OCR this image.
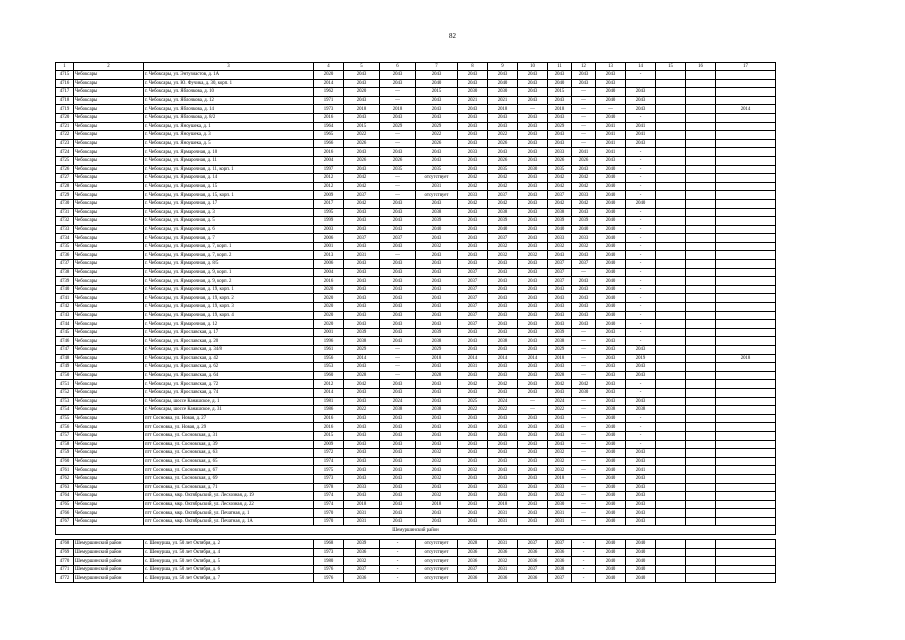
82
1	2	3	4	5	6	7	8	9	10	11	12	13	14	15	16	17
4715	Чебоксары	г. Чебоксары, ул. Энтузиастов, д. 1А	2020	2043	2043	2043	2043	2043	2043	2043	2043	2043	-			
4716	Чебоксары	г. Чебоксары, ул. Ю. Фучика, д. 30, корп. 1	2014	2043	2043	2040	2043	2040	2043	2040	2043	2043				
4717	Чебоксары	г. Чебоксары, ул. Яблочкова, д. 10	1962	2020	—	2015	2030	2030	2043	2015	—	2040	2043			
4718	Чебоксары	г. Чебоксары, ул. Яблочкова, д. 12	1971	2043	—	2043	2021	2021	2043	2043	—	2040	2043			
4719	Чебоксары	г. Чебоксары, ул. Яблочкова, д. 14	1973	2018	2018	2043	2043	2018	—	2018	—	—	2043			2014
4720	Чебоксары	г. Чебоксары, ул. Яблочкова, д. 8/2	2016	2043	2043	2043	2043	2043	2043	2043	—	2040	-			
4721	Чебоксары	г. Чебоксары, ул. Яноушека, д. 1	1964	2015	2029	2029	2043	2043	2043	2029	—	2041	2041			
4722	Чебоксары	г. Чебоксары, ул. Яноушека, д. 3	1965	2022	—	2022	2043	2022	2043	2043	—	2041	2041			
4723	Чебоксары	г. Чебоксары, ул. Яноушека, д. 5	1966	2026	—	2026	2043	2026	2043	2043	—	2041	2043			
4724	Чебоксары	г. Чебоксары, ул. Ярмарочная, д. 10	2016	2043	2043	2043	2033	2043	2043	2033	2041	2041	-			
4725	Чебоксары	г. Чебоксары, ул. Ярмарочная, д. 11	2004	2026	2026	2043	2043	2026	2043	2026	2026	2043	-			
4726	Чебоксары	г. Чебоксары, ул. Ярмарочная, д. 11, корп. 1	1997	2043	2035	2035	2043	2035	2030	2035	2043	2040	-			
4727	Чебоксары	г. Чебоксары, ул. Ярмарочная, д. 14	2012	2042	—	отсутствует	2042	2042	2043	2042	2042	2040	-			
4728	Чебоксары	г. Чебоксары, ул. Ярмарочная, д. 15	2012	2042	—	2031	2042	2042	2043	2042	2042	2040	-			
4729	Чебоксары	г. Чебоксары, ул. Ярмарочная, д. 15, корп. 1	2009	2037	—	отсутствует	2033	2037	2043	2037	2033	2040	-			
4730	Чебоксары	г. Чебоксары, ул. Ярмарочная, д. 17	2017	2042	2043	2043	2042	2042	2043	2042	2042	2040	2040			
4731	Чебоксары	г. Чебоксары, ул. Ярмарочная, д. 3	1995	2043	2043	2038	2043	2038	2043	2038	2043	2040	-			
4732	Чебоксары	г. Чебоксары, ул. Ярмарочная, д. 5	1999	2043	2043	2039	2043	2039	2043	2039	2039	2040	-			
4733	Чебоксары	г. Чебоксары, ул. Ярмарочная, д. 6	2003	2043	2043	2040	2043	2040	2043	2040	2040	2040	-			
4734	Чебоксары	г. Чебоксары, ул. Ярмарочная, д. 7	2006	2037	2037	2043	2043	2037	2043	2033	2033	2040	-			
4735	Чебоксары	г. Чебоксары, ул. Ярмарочная, д. 7, корп. 1	2001	2043	2043	2032	2043	2032	2043	2032	2032	2040	-			
4736	Чебоксары	г. Чебоксары, ул. Ярмарочная, д. 7, корп. 2	2013	2031	—	2043	2043	2032	2032	2043	2043	2040	-			
4737	Чебоксары	г. Чебоксары, ул. Ярмарочная, д. 8/5	2006	2043	2043	2043	2043	2043	2043	2037	2037	2040	-			
4738	Чебоксары	г. Чебоксары, ул. Ярмарочная, д. 9, корп. 1	2004	2043	2043	2043	2037	2043	2043	2037	—	2040	-			
4739	Чебоксары	г. Чебоксары, ул. Ярмарочная, д. 9, корп. 2	2016	2043	2043	2043	2037	2043	2043	2037	2043	2040	-			
4740	Чебоксары	г. Чебоксары, ул. Ярмарочная, д. 19, корп. 1	2020	2043	2043	2043	2037	2043	2043	2043	2043	2040	-			
4741	Чебоксары	г. Чебоксары, ул. Ярмарочная, д. 19, корп. 2	2020	2043	2043	2043	2037	2043	2043	2043	2043	2040	-			
4742	Чебоксары	г. Чебоксары, ул. Ярмарочная, д. 19, корп. 3	2020	2043	2043	2043	2037	2043	2043	2043	2043	2040	-			
4743	Чебоксары	г. Чебоксары, ул. Ярмарочная, д. 19, корп. 4	2020	2043	2043	2043	2037	2043	2043	2043	2043	2040	-			
4744	Чебоксары	г. Чебоксары, ул. Ярмарочная, д. 12	2020	2043	2043	2043	2037	2043	2043	2043	2043	2040	-			
4745	Чебоксары	г. Чебоксары, ул. Ярославская, д. 17	2001	2039	2043	2039	2043	2043	2043	2039	—	2043	-			
4746	Чебоксары	г. Чебоксары, ул. Ярославская, д. 20	1996	2038	2043	2038	2043	2038	2043	2038	—	2043	-			
4747	Чебоксары	г. Чебоксары, ул. Ярославская, д. 34/8	1961	2029	—	2029	2043	2043	2043	2029	—	2043	2043			
4748	Чебоксары	г. Чебоксары, ул. Ярославская, д. 42	1956	2014	—	2018	2014	2014	2014	2018	—	2043	2019			2018
4749	Чебоксары	г. Чебоксары, ул. Ярославская, д. 62	1953	2043	—	2043	2031	2043	2043	2043	—	2043	2043			
4750	Чебоксары	г. Чебоксары, ул. Ярославская, д. 64	1960	2028	—	2028	2043	2043	2043	2028	—	2043	2043			
4751	Чебоксары	г. Чебоксары, ул. Ярославская, д. 72	2012	2042	2043	2043	2042	2042	2043	2042	2042	2043	-			
4752	Чебоксары	г. Чебоксары, ул. Ярославская, д. 74	2014	2043	2043	2043	2043	2043	2043	2043	2030	2043	-			
4753	Чебоксары	г. Чебоксары, шоссе Канашское, д. 1	1981	2043	2024	2043	2025	2024	—	2024	—	2043	2043			
4754	Чебоксары	г. Чебоксары, шоссе Канашское, д. 31	1986	2022	2038	2038	2022	2022	—	2022	—	2038	2038			
4755	Чебоксары	пгт Сосновка, ул. Новая, д. 27	2016	2043	2043	2043	2043	2043	2043	2043	—	2040	-			
4756	Чебоксары	пгт Сосновка, ул. Новая, д. 29	2016	2043	2043	2043	2043	2043	2043	2043	—	2040	-			
4757	Чебоксары	пгт Сосновка, ул. Сосновская, д. 31	2015	2043	2043	2043	2043	2043	2043	2043	—	2040	-			
4758	Чебоксары	пгт Сосновка, ул. Сосновская, д. 39	2009	2043	2043	2043	2043	2043	2043	2043	—	2040	-			
4759	Чебоксары	пгт Сосновка, ул. Сосновская, д. 63	1972	2043	2043	2032	2043	2043	2043	2032	—	2040	2043			
4760	Чебоксары	пгт Сосновка, ул. Сосновская, д. 65	1974	2043	2043	2032	2043	2043	2043	2032	—	2040	2043			
4761	Чебоксары	пгт Сосновка, ул. Сосновская, д. 67	1975	2043	2043	2043	2032	2043	2043	2032	—	2040	2041			
4762	Чебоксары	пгт Сосновка, ул. Сосновская, д. 69	1973	2043	2043	2032	2043	2043	2043	2018	—	2040	2043			
4763	Чебоксары	пгт Сосновка, ул. Сосновская, д. 71	1978	2033	2043	2043	2043	2033	2043	2033	—	2040	2043			
4764	Чебоксары	пгт Сосновка, мкр. Октябрьский, ул. Лесхозная, д. 19	1974	2043	2043	2032	2043	2043	2043	2032	—	2040	2043			
4765	Чебоксары	пгт Сосновка, мкр. Октябрьский, ул. Лесхозная, д. 22	1974	2018	2043	2018	2043	2018	2043	2030	—	2040	2043			
4766	Чебоксары	пгт Сосновка, мкр. Октябрьский, ул. Печатная, д. 1	1970	2031	2043	2043	2043	2031	2043	2031	—	2040	2043			
4767	Чебоксары	пгт Сосновка, мкр. Октябрьский, ул. Печатная, д. 1А	1970	2031	2043	2043	2043	2031	2043	2031	—	2040	2043			
Шемуршинский район																

4768	Шемуршинский район	с. Шемурша, ул. 50 лет Октября, д. 2	1968	2039	-	отсутствует	2028	2031	2037	2037	-	2040	2040			
4769	Шемуршинский район	с. Шемурша, ул. 50 лет Октября, д. 4	1973	2036	-	отсутствует	2036	2036	2036	2036	-	2040	2040			
4770	Шемуршинский район	с. Шемурша, ул. 50 лет Октября, д. 5	1980	2032	-	отсутствует	2036	2032	2036	2036	-	2040	2040			
4771	Шемуршинский район	с. Шемурша, ул. 50 лет Октября, д. 6	1976	2037	-	отсутствует	2037	2031	2037	2038	-	2040	2040			
4772	Шемуршинский район	с. Шемурша, ул. 50 лет Октября, д. 7	1976	2036	-	отсутствует	2036	2036	2036	2037	-	2040	2040			
